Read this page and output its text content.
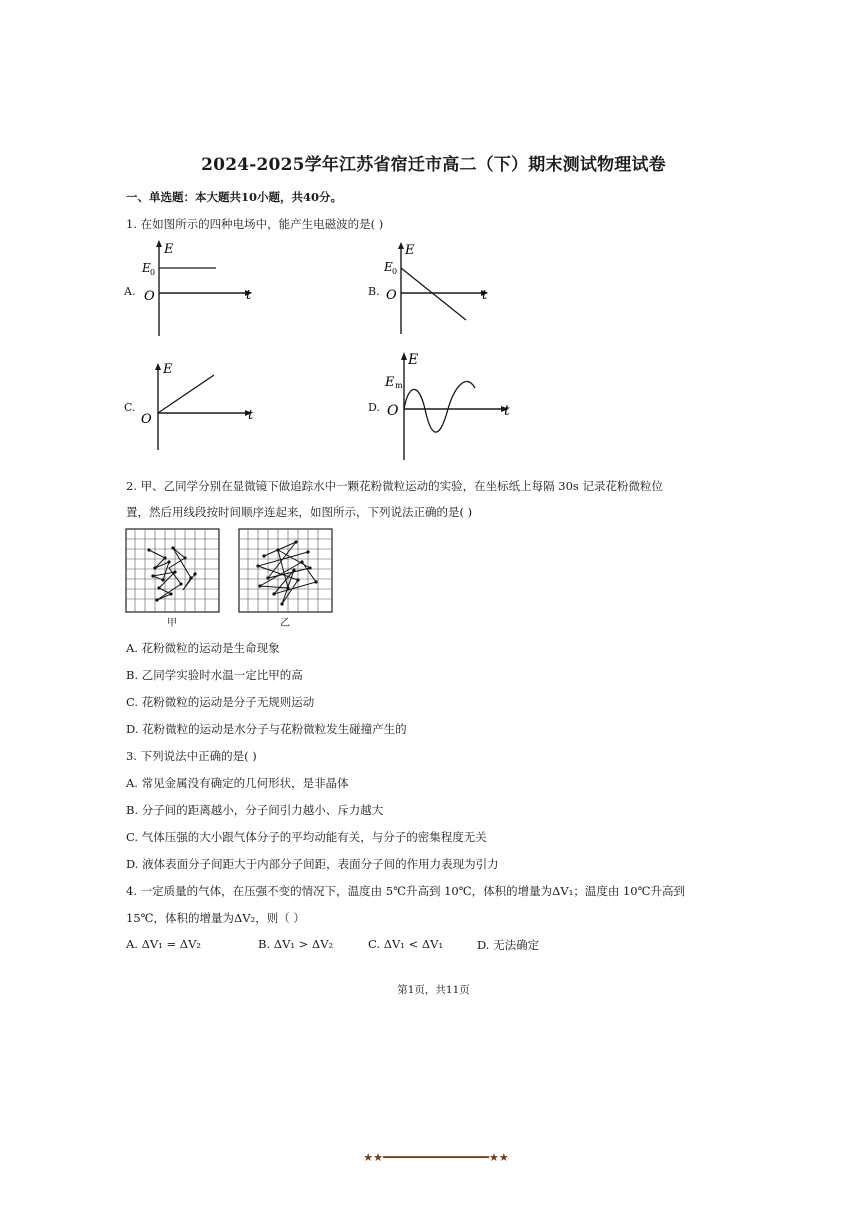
2024-2025学年江苏省宿迁市高二（下）期末测试物理试卷
一、单选题：本大题共10小题，共40分。
1. 在如图所示的四种电场中，能产生电磁波的是( )
A.
E
t
O
E 0
B.
E
t
O
E 0
C.
E
t
O
D.
E
t
O
E m
2. 甲、乙同学分别在显微镜下做追踪水中一颗花粉微粒运动的实验，在坐标纸上每隔 30s 记录花粉微粒位
置，然后用线段按时间顺序连起来，如图所示，下列说法正确的是( )
甲	乙
A. 花粉微粒的运动是生命现象
B. 乙同学实验时水温一定比甲的高
C. 花粉微粒的运动是分子无规则运动
D. 花粉微粒的运动是水分子与花粉微粒发生碰撞产生的
3. 下列说法中正确的是( )
A. 常见金属没有确定的几何形状，是非晶体
B. 分子间的距离越小，分子间引力越小、斥力越大
C. 气体压强的大小跟气体分子的平均动能有关，与分子的密集程度无关
D. 液体表面分子间距大于内部分子间距，表面分子间的作用力表现为引力
4. 一定质量的气体，在压强不变的情况下，温度由 5℃升高到 10℃，体积的增量为ΔV₁；温度由 10℃升高到
15℃，体积的增量为ΔV₂，则（ ）
A. ΔV₁ = ΔV₂	B. ΔV₁ > ΔV₂	C. ΔV₁ < ΔV₁	D. 无法确定
第1页，共11页
★★━━━━━━━━━━━━━━━━★★
